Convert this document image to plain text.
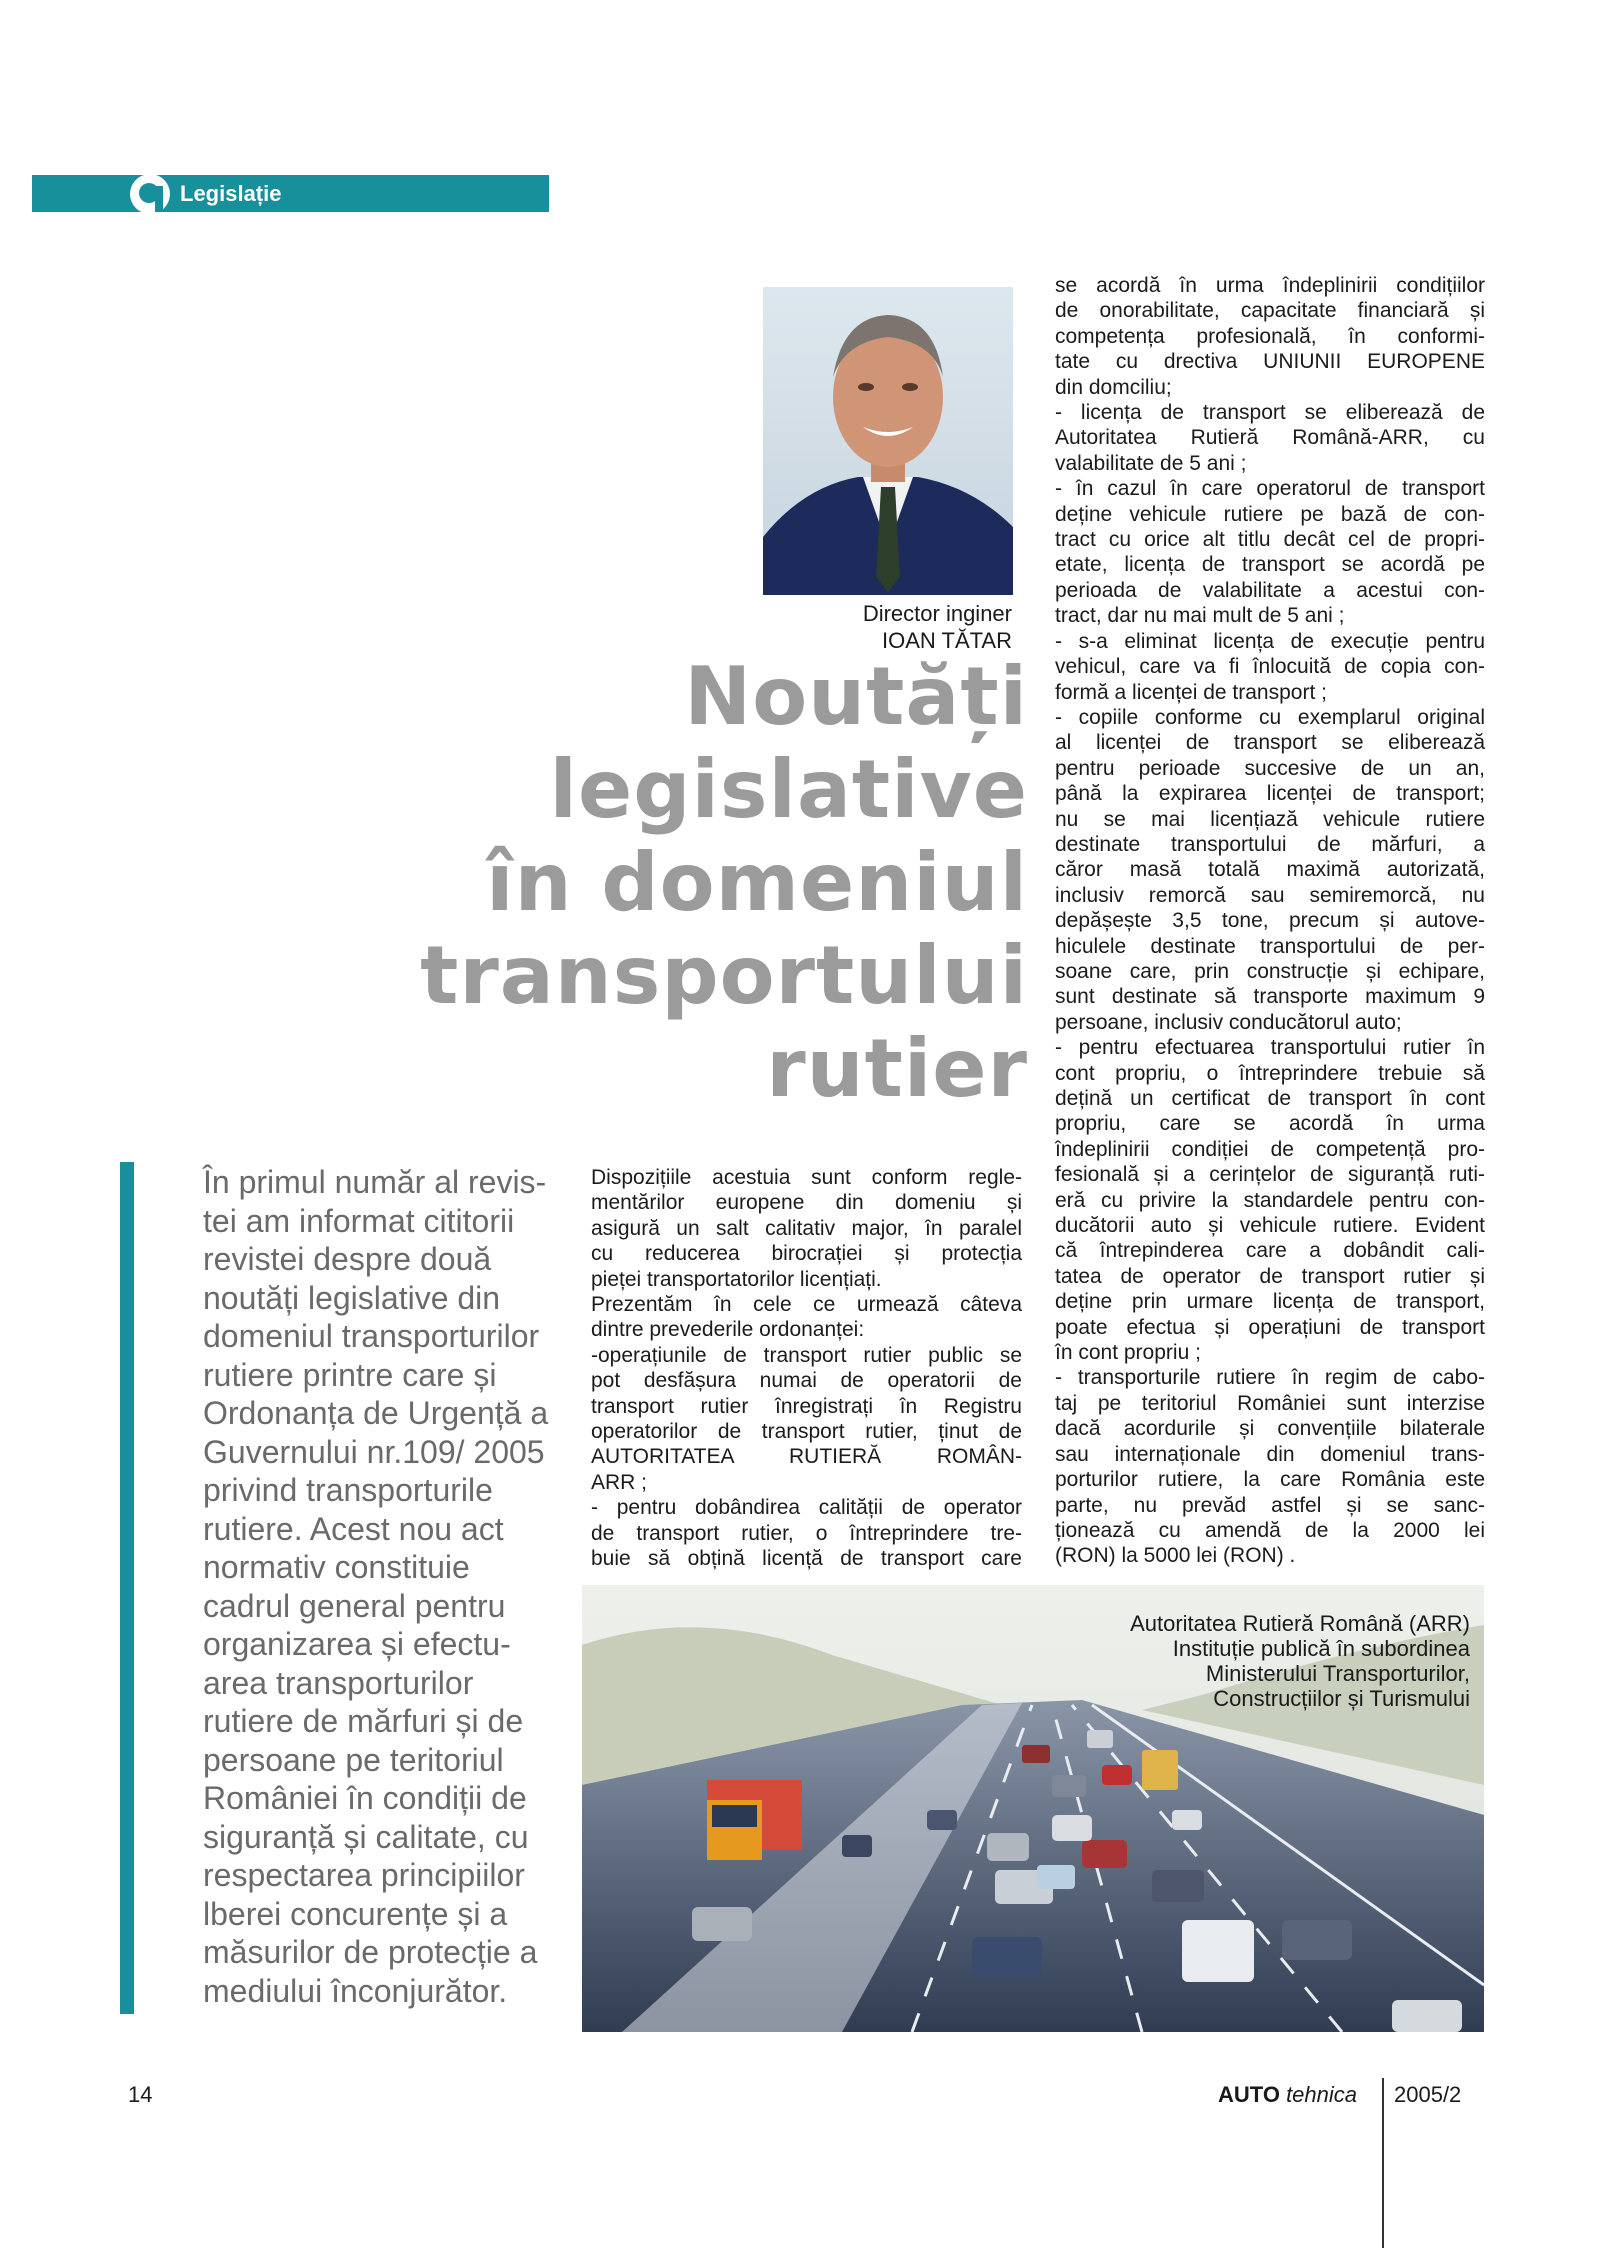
Legislație
Director inginer
IOAN TĂTAR
Noutăți
legislative
în domeniul
transportului
rutier
În primul număr al revis-
tei am informat cititorii
revistei despre două
noutăți legislative din
domeniul transporturilor
rutiere printre care și
Ordonanța de Urgență a
Guvernului nr.109/ 2005
privind transporturile
rutiere. Acest nou act
normativ constituie
cadrul general pentru
organizarea și efectu-
area transporturilor
rutiere de mărfuri și de
persoane pe teritoriul
României în condiții de
siguranță și calitate, cu
respectarea principiilor
lberei concurențe și a
măsurilor de protecție a
mediului înconjurător.
Dispozițiile acestuia sunt conform regle-
mentărilor europene din domeniu și
asigură un salt calitativ major, în paralel
cu reducerea birocrației și protecția
pieței transportatorilor licențiați.
Prezentăm în cele ce urmează câteva
dintre prevederile ordonanței:
-operațiunile de transport rutier public se
pot desfășura numai de operatorii de
transport rutier înregistrați în Registru
operatorilor de transport rutier, ținut de
AUTORITATEA RUTIERĂ ROMÂN-
ARR ;
- pentru dobândirea calității de operator
de transport rutier, o întreprindere tre-
buie să obțină licență de transport care
se acordă în urma îndeplinirii condițiilor
de onorabilitate, capacitate financiară și
competența profesională, în conformi-
tate cu drectiva UNIUNII EUROPENE
din domciliu;
- licența de transport se eliberează de
Autoritatea Rutieră Română-ARR, cu
valabilitate de 5 ani ;
- în cazul în care operatorul de transport
deține vehicule rutiere pe bază de con-
tract cu orice alt titlu decât cel de propri-
etate, licența de transport se acordă pe
perioada de valabilitate a acestui con-
tract, dar nu mai mult de 5 ani ;
- s-a eliminat licența de execuție pentru
vehicul, care va fi înlocuită de copia con-
formă a licenței de transport ;
- copiile conforme cu exemplarul original
al licenței de transport se eliberează
pentru perioade succesive de un an,
până la expirarea licenței de transport;
nu se mai licențiază vehicule rutiere
destinate transportului de mărfuri, a
căror masă totală maximă autorizată,
inclusiv remorcă sau semiremorcă, nu
depășește 3,5 tone, precum și autove-
hiculele destinate transportului de per-
soane care, prin construcție și echipare,
sunt destinate să transporte maximum 9
persoane, inclusiv conducătorul auto;
- pentru efectuarea transportului rutier în
cont propriu, o întreprindere trebuie să
dețină un certificat de transport în cont
propriu, care se acordă în urma
îndeplinirii condiției de competență pro-
fesională și a cerințelor de siguranță ruti-
eră cu privire la standardele pentru con-
ducătorii auto și vehicule rutiere. Evident
că întrepinderea care a dobândit cali-
tatea de operator de transport rutier și
deține prin urmare licența de transport,
poate efectua și operațiuni de transport
în cont propriu ;
- transporturile rutiere în regim de cabo-
taj pe teritoriul României sunt interzise
dacă acordurile și convențiile bilaterale
sau internaționale din domeniul trans-
porturilor rutiere, la care România este
parte, nu prevăd astfel și se sanc-
ționează cu amendă de la 2000 lei
(RON) la 5000 lei (RON) .
Autoritatea Rutieră Română (ARR)
Instituție publică în subordinea
Ministerului Transporturilor,
Construcțiilor și Turismului
14	AUTO tehnica 2005/2
